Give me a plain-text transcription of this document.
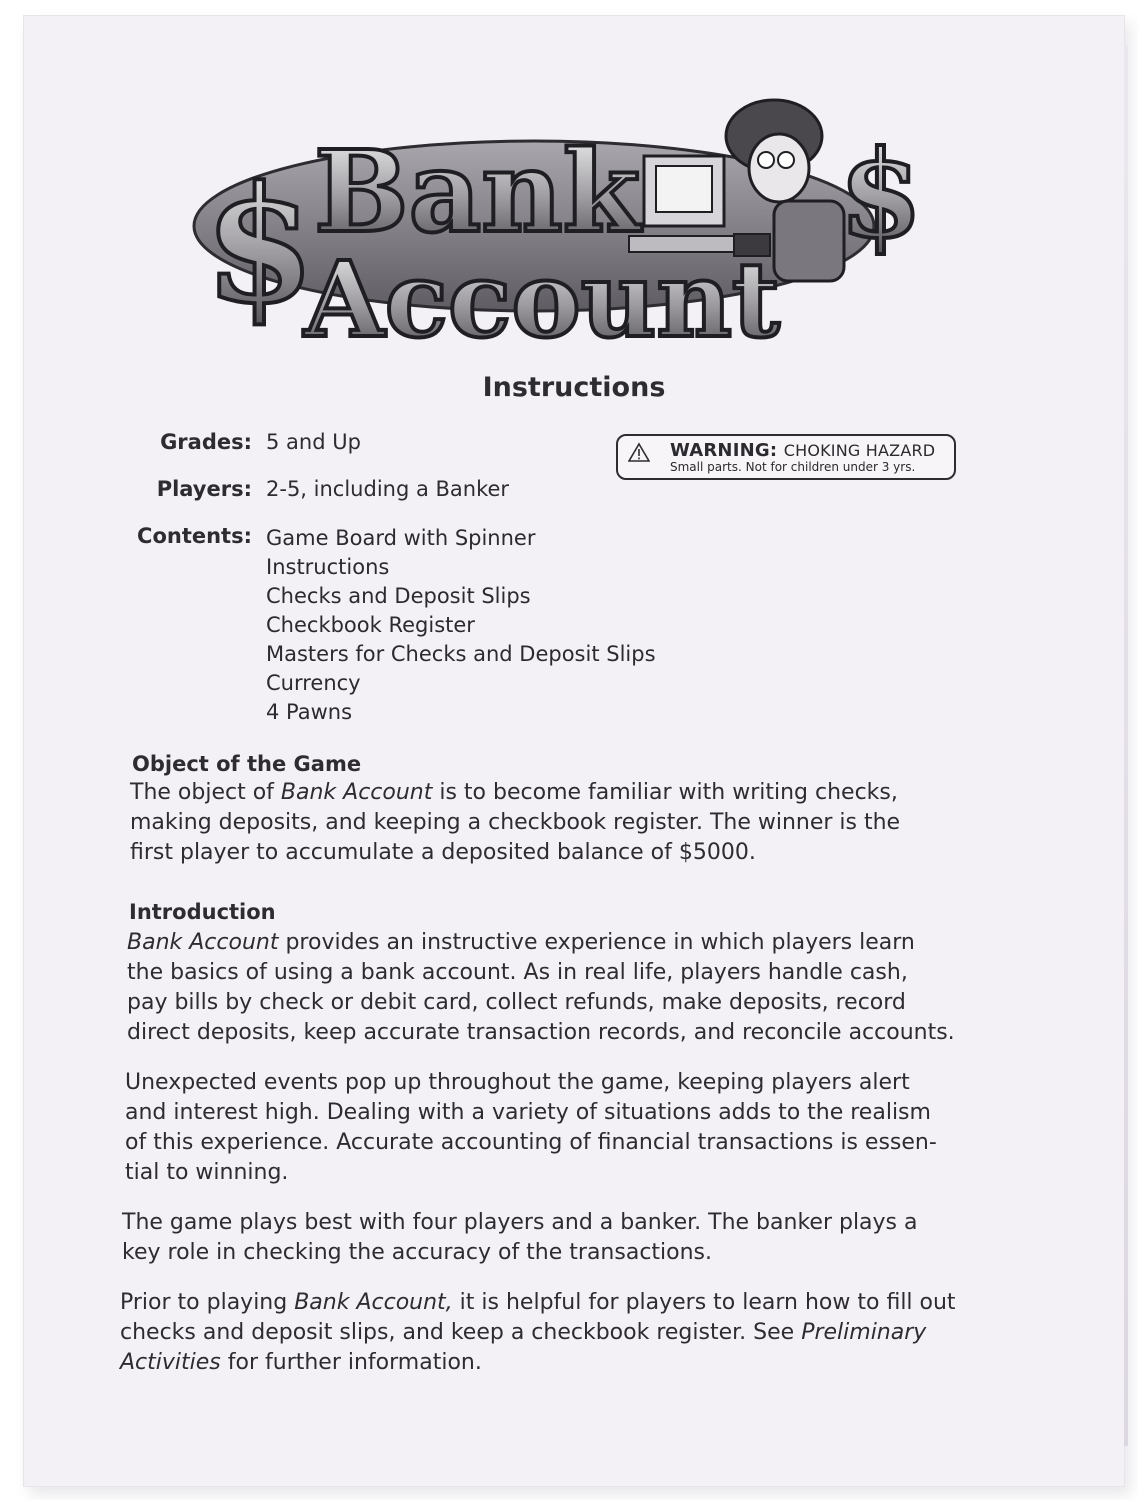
$	$
Bank
Account
Instructions
WARNING: CHOKING HAZARD
Small parts. Not for children under 3 yrs.
Grades: 5 and Up
Players: 2-5, including a Banker
Contents: Game Board with Spinner
Instructions
Checks and Deposit Slips
Checkbook Register
Masters for Checks and Deposit Slips
Currency
4 Pawns
Object of the Game

The object of Bank Account is to become familiar with writing checks,

making deposits, and keeping a checkbook register. The winner is the

first player to accumulate a deposited balance of $5000.

Introduction

Bank Account provides an instructive experience in which players learn

the basics of using a bank account. As in real life, players handle cash,

pay bills by check or debit card, collect refunds, make deposits, record

direct deposits, keep accurate transaction records, and reconcile accounts.

Unexpected events pop up throughout the game, keeping players alert

and interest high. Dealing with a variety of situations adds to the realism

of this experience. Accurate accounting of financial transactions is essen-

tial to winning.

The game plays best with four players and a banker. The banker plays a

key role in checking the accuracy of the transactions.

Prior to playing Bank Account, it is helpful for players to learn how to fill out

checks and deposit slips, and keep a checkbook register. See Preliminary

Activities for further information.
